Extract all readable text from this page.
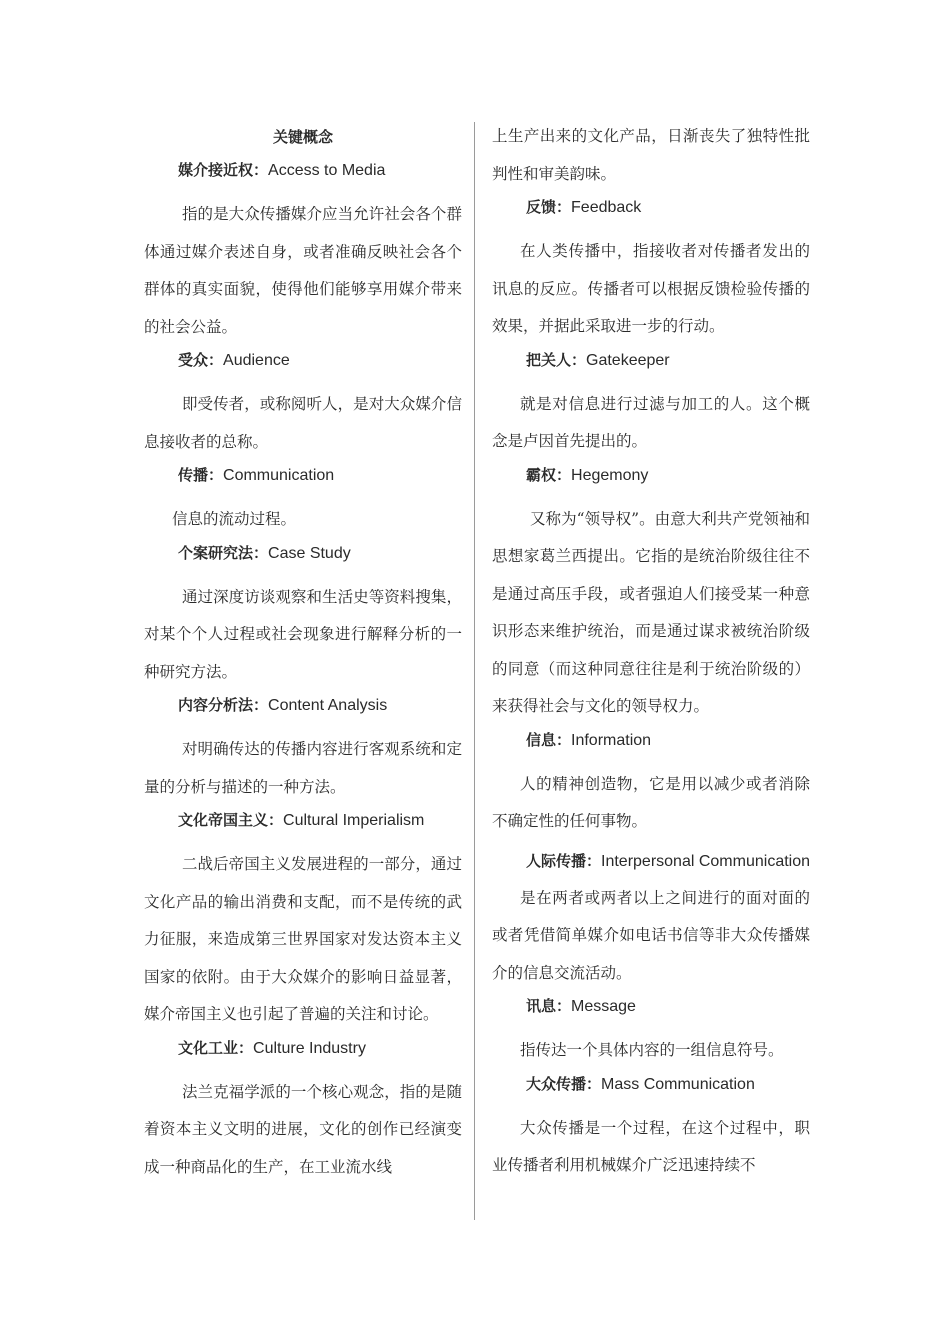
关键概念
媒介接近权：Access to Media
指的是大众传播媒介应当允许社会各个群体通过媒介表述自身，或者准确反映社会各个群体的真实面貌，使得他们能够享用媒介带来的社会公益。
受众：Audience
即受传者，或称阅听人，是对大众媒介信息接收者的总称。
传播：Communication
信息的流动过程。
个案研究法：Case Study
通过深度访谈观察和生活史等资料搜集，对某个个人过程或社会现象进行解释分析的一种研究方法。
内容分析法：Content Analysis
对明确传达的传播内容进行客观系统和定量的分析与描述的一种方法。
文化帝国主义：Cultural Imperialism
二战后帝国主义发展进程的一部分，通过文化产品的输出消费和支配，而不是传统的武力征服，来造成第三世界国家对发达资本主义国家的依附。由于大众媒介的影响日益显著，媒介帝国主义也引起了普遍的关注和讨论。
文化工业：Culture Industry
法兰克福学派的一个核心观念，指的是随着资本主义文明的进展，文化的创作已经演变成一种商品化的生产，在工业流水线
上生产出来的文化产品，日渐丧失了独特性批判性和审美韵味。
反馈：Feedback
在人类传播中，指接收者对传播者发出的讯息的反应。传播者可以根据反馈检验传播的效果，并据此采取进一步的行动。
把关人：Gatekeeper
就是对信息进行过滤与加工的人。这个概念是卢因首先提出的。
霸权：Hegemony
又称为“领导权”。由意大利共产党领袖和思想家葛兰西提出。它指的是统治阶级往往不是通过高压手段，或者强迫人们接受某一种意识形态来维护统治，而是通过谋求被统治阶级的同意（而这种同意往往是利于统治阶级的）来获得社会与文化的领导权力。
信息：Information
人的精神创造物，它是用以减少或者消除不确定性的任何事物。
人际传播：Interpersonal Communication
是在两者或两者以上之间进行的面对面的或者凭借简单媒介如电话书信等非大众传播媒介的信息交流活动。
讯息：Message
指传达一个具体内容的一组信息符号。
大众传播：Mass Communication
大众传播是一个过程，在这个过程中，职业传播者利用机械媒介广泛迅速持续不
